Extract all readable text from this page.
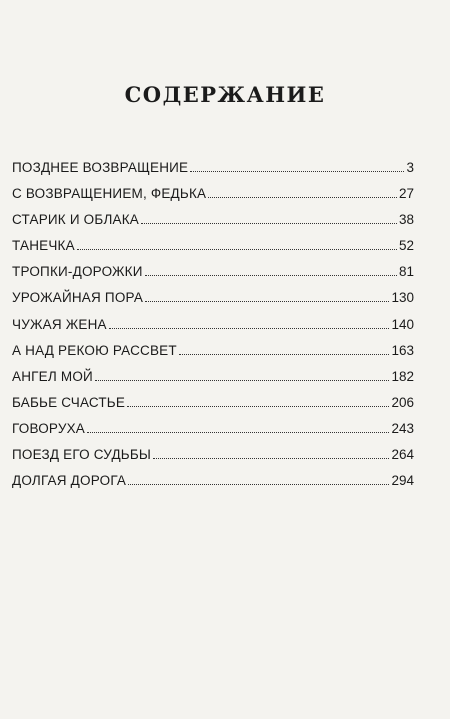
СОДЕРЖАНИЕ
ПОЗДНЕЕ ВОЗВРАЩЕНИЕ	3
С ВОЗВРАЩЕНИЕМ, ФЕДЬКА	27
СТАРИК И ОБЛАКА	38
ТАНЕЧКА	52
ТРОПКИ-ДОРОЖКИ	81
УРОЖАЙНАЯ ПОРА	130
ЧУЖАЯ ЖЕНА	140
А НАД РЕКОЮ РАССВЕТ	163
АНГЕЛ МОЙ	182
БАБЬЕ СЧАСТЬЕ	206
ГОВОРУХА	243
ПОЕЗД ЕГО СУДЬБЫ	264
ДОЛГАЯ ДОРОГА	294
